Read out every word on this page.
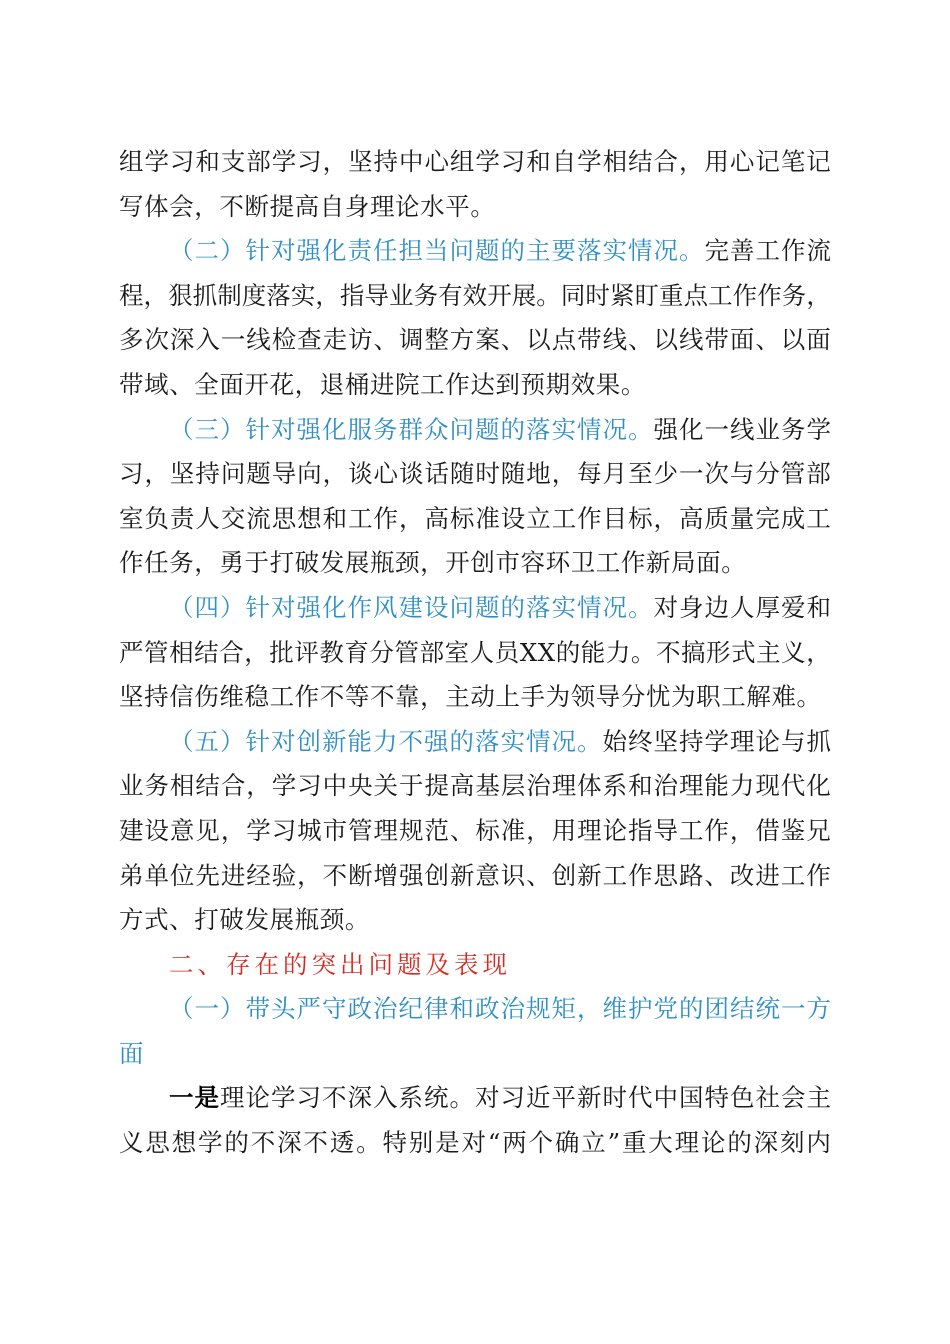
组 学 习 和 支 部 学 习 ， 坚 持 中 心 组 学 习 和 自 学 相 结 合 ， 用 心 记 笔 记
写 体 会 ， 不 断 提 高 自 身 理 论 水 平 。
（ 二 ） 针 对 强 化 责 任 担 当 问 题 的 主 要 落 实 情 况 。 完 善 工 作 流
程 ， 狠 抓 制 度 落 实 ， 指 导 业 务 有 效 开 展 。 同 时 紧 盯 重 点 工 作 作 务 ，
多 次 深 入 一 线 检 查 走 访 、 调 整 方 案 、 以 点 带 线 、 以 线 带 面 、 以 面
带 域 、 全 面 开 花 ， 退 桶 进 院 工 作 达 到 预 期 效 果 。
（ 三 ） 针 对 强 化 服 务 群 众 问 题 的 落 实 情 况 。 强 化 一 线 业 务 学
习 ， 坚 持 问 题 导 向 ， 谈 心 谈 话 随 时 随 地 ， 每 月 至 少 一 次 与 分 管 部
室 负 责 人 交 流 思 想 和 工 作 ， 高 标 准 设 立 工 作 目 标 ， 高 质 量 完 成 工
作 任 务 ， 勇 于 打 破 发 展 瓶 颈 ， 开 创 市 容 环 卫 工 作 新 局 面 。
（ 四 ） 针 对 强 化 作 风 建 设 问 题 的 落 实 情 况 。 对 身 边 人 厚 爱 和
严 管 相 结 合 ， 批 评 教 育 分 管 部 室 人 员 X X 的 能 力 。 不 搞 形 式 主 义 ，
坚 持 信 伤 维 稳 工 作 不 等 不 靠 ， 主 动 上 手 为 领 导 分 忧 为 职 工 解 难 。
（ 五 ） 针 对 创 新 能 力 不 强 的 落 实 情 况 。 始 终 坚 持 学 理 论 与 抓
业 务 相 结 合 ， 学 习 中 央 关 于 提 高 基 层 治 理 体 系 和 治 理 能 力 现 代 化
建 设 意 见 ， 学 习 城 市 管 理 规 范 、 标 准 ， 用 理 论 指 导 工 作 ， 借 鉴 兄
弟 单 位 先 进 经 验 ， 不 断 增 强 创 新 意 识 、 创 新 工 作 思 路 、 改 进 工 作
方 式 、 打 破 发 展 瓶 颈 。
二 、 存 在 的 突 出 问 题 及 表 现
（ 一 ） 带 头 严 守 政 治 纪 律 和 政 治 规 矩 ， 维 护 党 的 团 结 统 一 方
面
一 是 理 论 学 习 不 深 入 系 统 。 对 习 近 平 新 时 代 中 国 特 色 社 会 主
义 思 想 学 的 不 深 不 透 。 特 别 是 对 “ 两 个 确 立 ” 重 大 理 论 的 深 刻 内
